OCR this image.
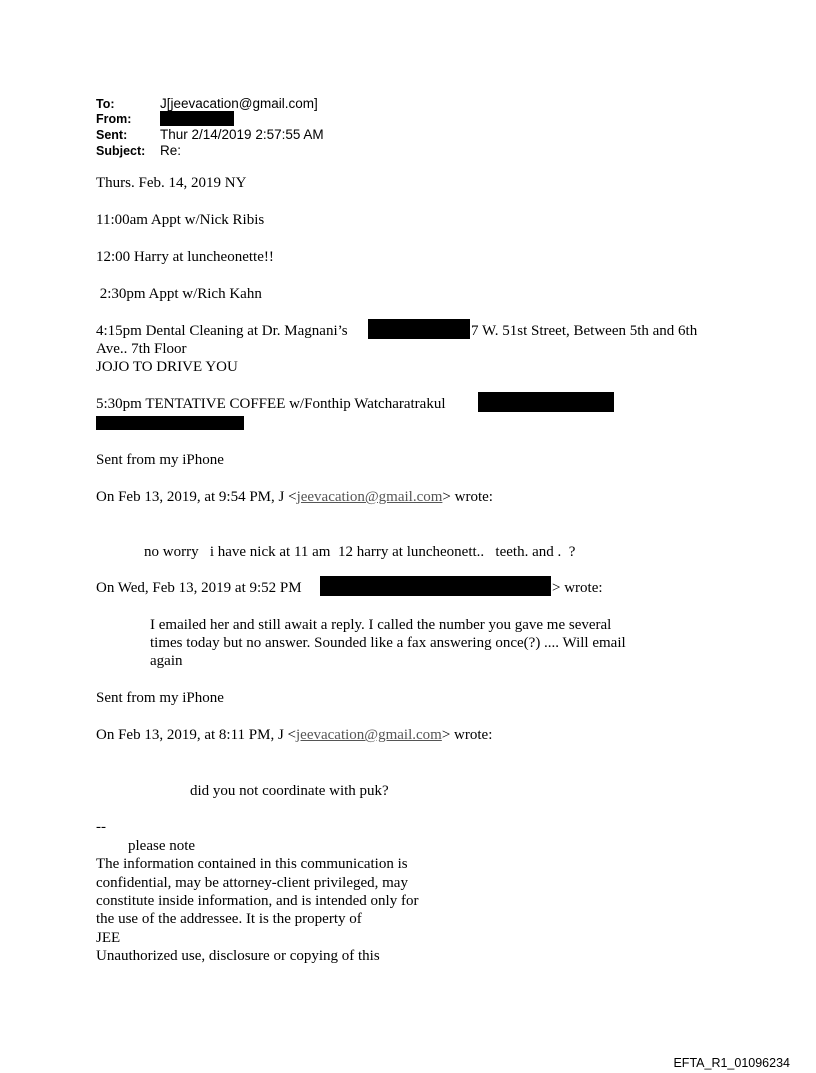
To:	J[jeevacation@gmail.com]
From:
Sent: Thur 2/14/2019 2:57:55 AM
Subject: Re:
Thurs. Feb. 14, 2019 NY
11:00am Appt w/Nick Ribis
12:00 Harry at luncheonette!!
2:30pm Appt w/Rich Kahn
4:15pm Dental Cleaning at Dr. Magnani’s	7 W. 51st Street, Between 5th and 6th
Ave.. 7th Floor
JOJO TO DRIVE YOU
5:30pm TENTATIVE COFFEE w/Fonthip Watcharatrakul
Sent from my iPhone
On Feb 13, 2019, at 9:54 PM, J <jeevacation@gmail.com> wrote:
no worry   i have nick at 11 am  12 harry at luncheonett..   teeth. and .  ?
On Wed, Feb 13, 2019 at 9:52 PM	> wrote:
I emailed her and still await a reply. I called the number you gave me several
times today but no answer. Sounded like a fax answering once(?) .... Will email
again
Sent from my iPhone
On Feb 13, 2019, at 8:11 PM, J <jeevacation@gmail.com> wrote:
did you not coordinate with puk?
--
please note
The information contained in this communication is
confidential, may be attorney-client privileged, may
constitute inside information, and is intended only for
the use of the addressee. It is the property of
JEE
Unauthorized use, disclosure or copying of this
EFTA_R1_01096234
